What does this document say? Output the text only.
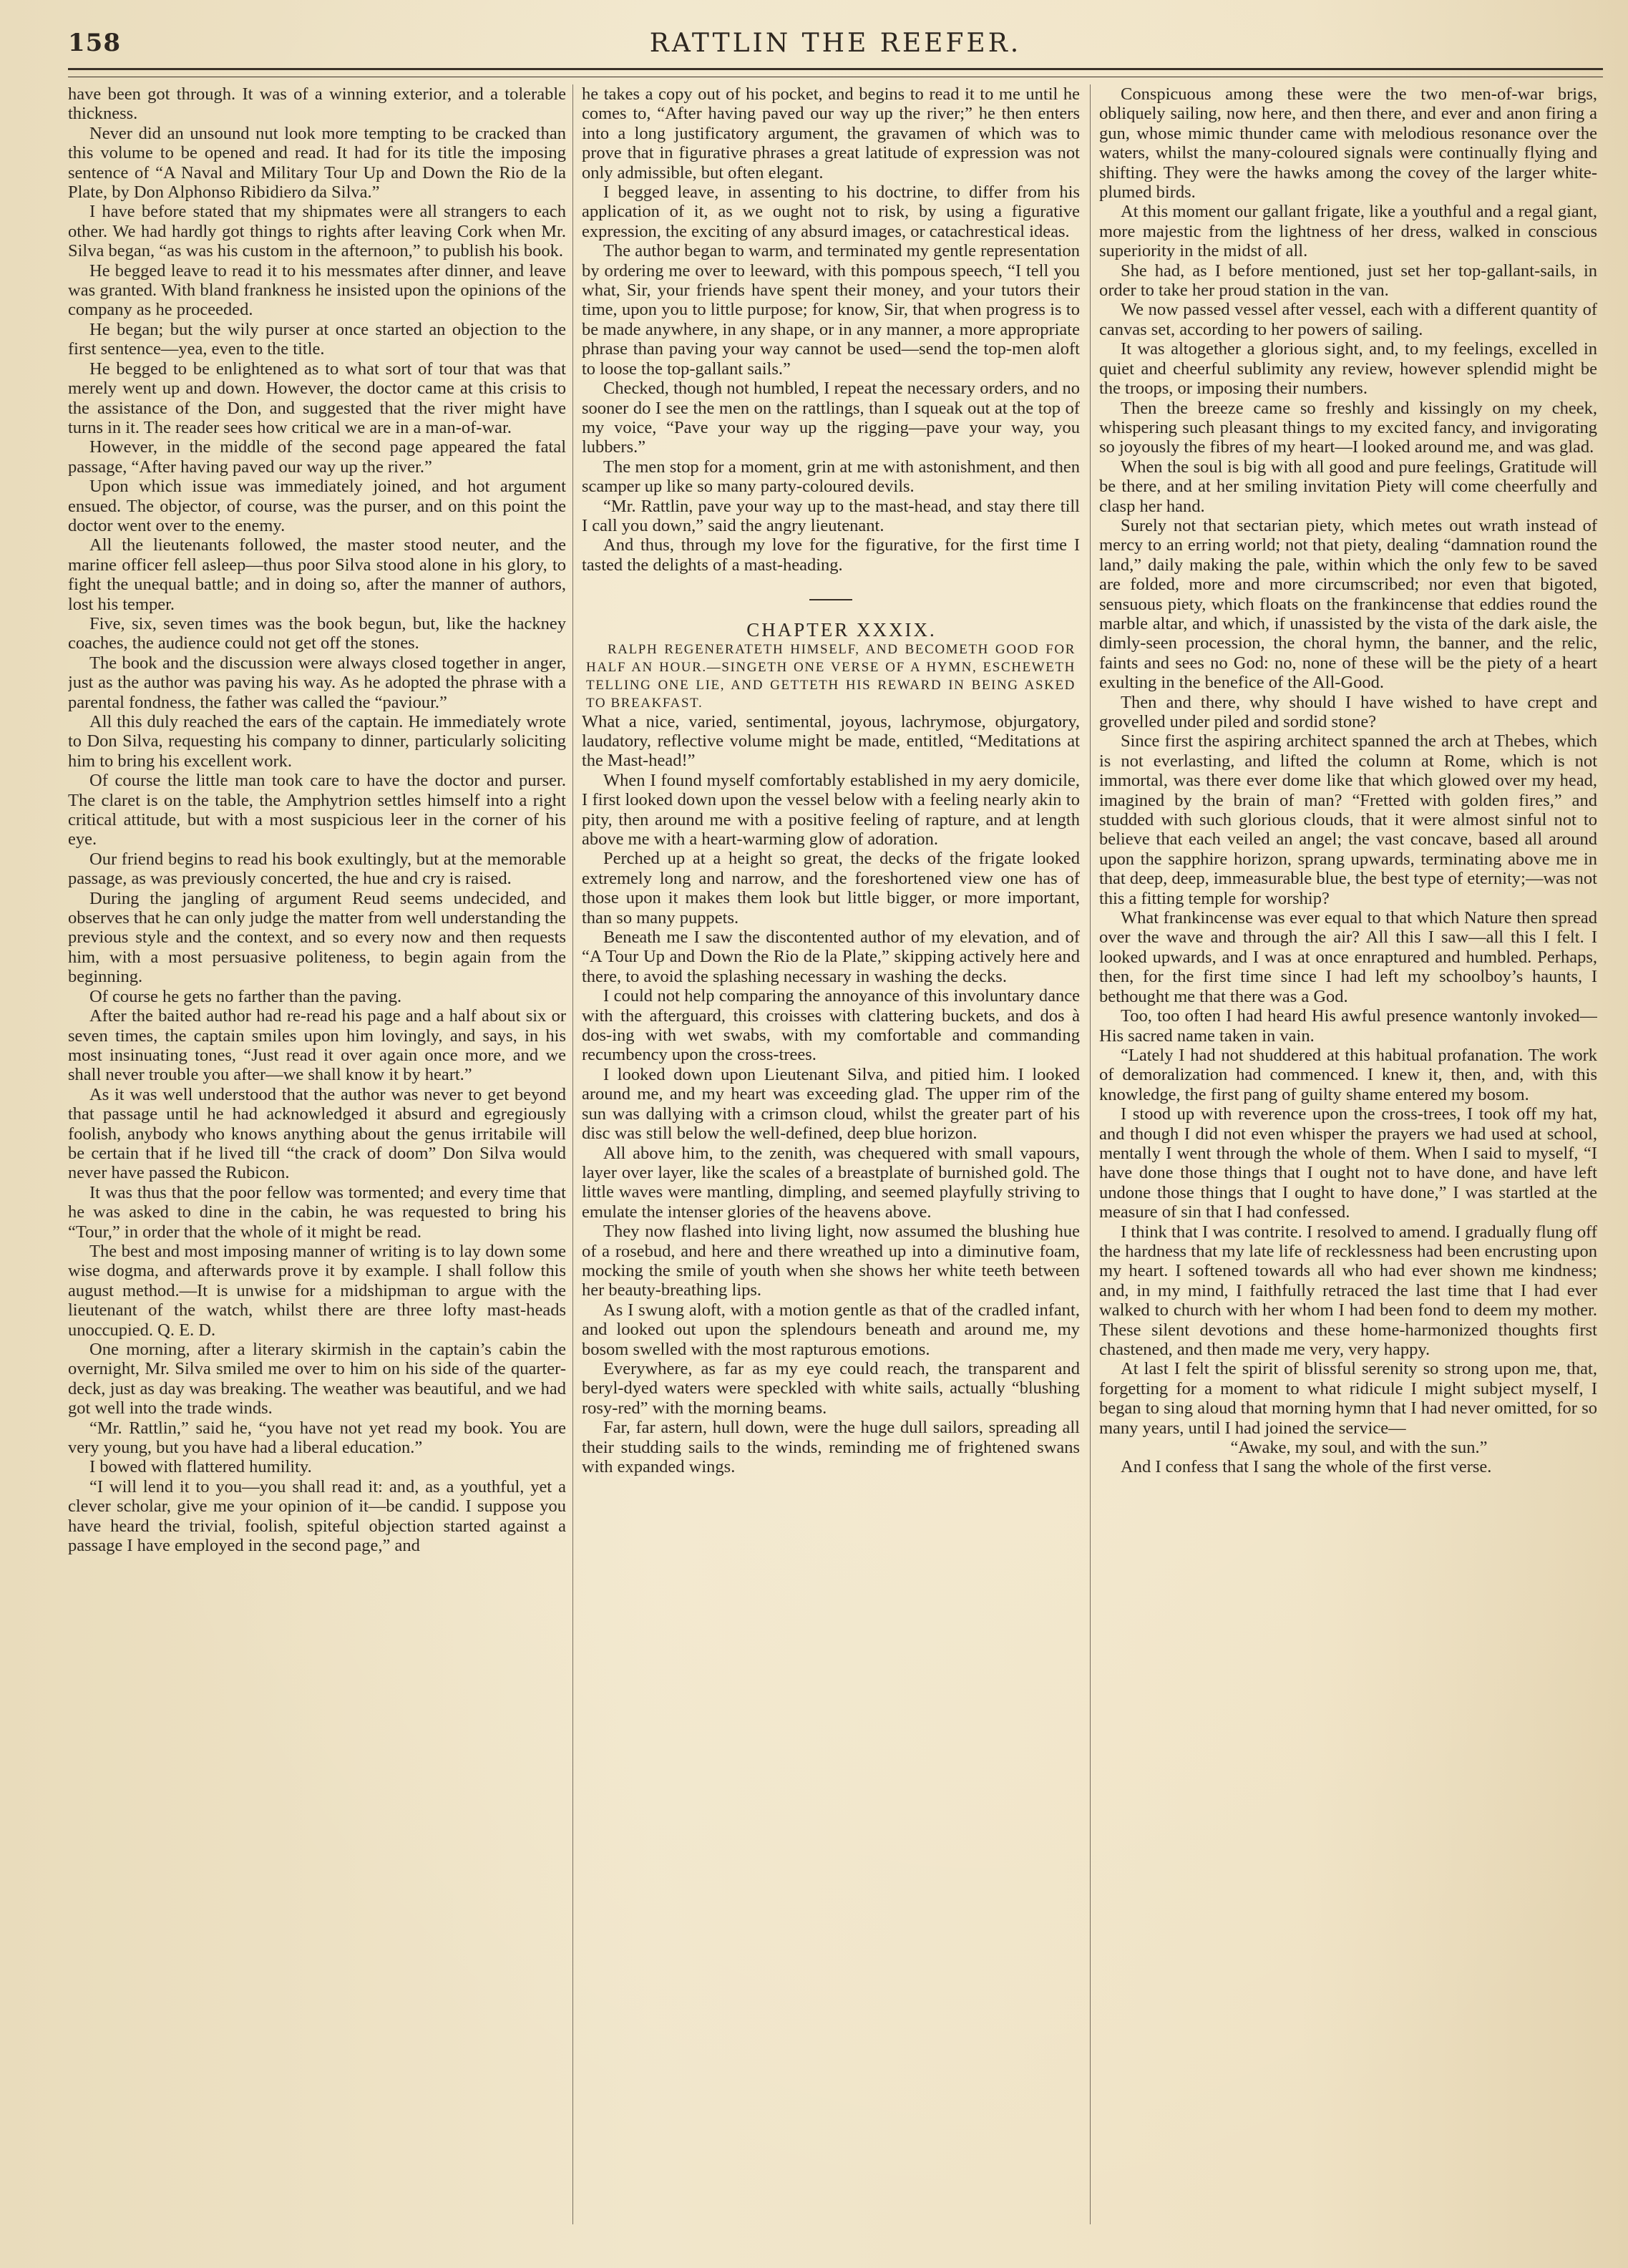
158	RATTLIN THE REEFER.

have been got through. It was of a winning exterior, and a tolerable thickness.

Never did an unsound nut look more tempting to be cracked than this volume to be opened and read. It had for its title the imposing sentence of “A Naval and Military Tour Up and Down the Rio de la Plate, by Don Alphonso Ribidiero da Silva.”

I have before stated that my shipmates were all strangers to each other. We had hardly got things to rights after leaving Cork when Mr. Silva began, “as was his custom in the afternoon,” to publish his book.

He begged leave to read it to his messmates after dinner, and leave was granted. With bland frankness he insisted upon the opinions of the company as he proceeded.

He began; but the wily purser at once started an objection to the first sentence—yea, even to the title.

He begged to be enlightened as to what sort of tour that was that merely went up and down. However, the doctor came at this crisis to the assistance of the Don, and suggested that the river might have turns in it. The reader sees how critical we are in a man-of-war.

However, in the middle of the second page appeared the fatal passage, “After having paved our way up the river.”

Upon which issue was immediately joined, and hot argument ensued. The objector, of course, was the purser, and on this point the doctor went over to the enemy.

All the lieutenants followed, the master stood neuter, and the marine officer fell asleep—thus poor Silva stood alone in his glory, to fight the unequal battle; and in doing so, after the manner of authors, lost his temper.

Five, six, seven times was the book begun, but, like the hackney coaches, the audience could not get off the stones.

The book and the discussion were always closed together in anger, just as the author was paving his way. As he adopted the phrase with a parental fondness, the father was called the “paviour.”

All this duly reached the ears of the captain. He immediately wrote to Don Silva, requesting his company to dinner, particularly soliciting him to bring his excellent work.

Of course the little man took care to have the doctor and purser. The claret is on the table, the Amphytrion settles himself into a right critical attitude, but with a most suspicious leer in the corner of his eye.

Our friend begins to read his book exultingly, but at the memorable passage, as was previously concerted, the hue and cry is raised.

During the jangling of argument Reud seems undecided, and observes that he can only judge the matter from well understanding the previous style and the context, and so every now and then requests him, with a most persuasive politeness, to begin again from the beginning.

Of course he gets no farther than the paving.

After the baited author had re-read his page and a half about six or seven times, the captain smiles upon him lovingly, and says, in his most insinuating tones, “Just read it over again once more, and we shall never trouble you after—we shall know it by heart.”

As it was well understood that the author was never to get beyond that passage until he had acknowledged it absurd and egregiously foolish, anybody who knows anything about the genus irritabile will be certain that if he lived till “the crack of doom” Don Silva would never have passed the Rubicon.

It was thus that the poor fellow was tormented; and every time that he was asked to dine in the cabin, he was requested to bring his “Tour,” in order that the whole of it might be read.

The best and most imposing manner of writing is to lay down some wise dogma, and afterwards prove it by example. I shall follow this august method.—It is unwise for a midshipman to argue with the lieutenant of the watch, whilst there are three lofty mast-heads unoccupied. Q. E. D.

One morning, after a literary skirmish in the captain’s cabin the overnight, Mr. Silva smiled me over to him on his side of the quarter-deck, just as day was breaking. The weather was beautiful, and we had got well into the trade winds.

“Mr. Rattlin,” said he, “you have not yet read my book. You are very young, but you have had a liberal education.”

I bowed with flattered humility.

“I will lend it to you—you shall read it: and, as a youthful, yet a clever scholar, give me your opinion of it—be candid. I suppose you have heard the trivial, foolish, spiteful objection started against a passage I have employed in the second page,” and

he takes a copy out of his pocket, and begins to read it to me until he comes to, “After having paved our way up the river;” he then enters into a long justificatory argument, the gravamen of which was to prove that in figurative phrases a great latitude of expression was not only admissible, but often elegant.

I begged leave, in assenting to his doctrine, to differ from his application of it, as we ought not to risk, by using a figurative expression, the exciting of any absurd images, or catachrestical ideas.

The author began to warm, and terminated my gentle representation by ordering me over to leeward, with this pompous speech, “I tell you what, Sir, your friends have spent their money, and your tutors their time, upon you to little purpose; for know, Sir, that when progress is to be made anywhere, in any shape, or in any manner, a more appropriate phrase than paving your way cannot be used—send the top-men aloft to loose the top-gallant sails.”

Checked, though not humbled, I repeat the necessary orders, and no sooner do I see the men on the rattlings, than I squeak out at the top of my voice, “Pave your way up the rigging—pave your way, you lubbers.”

The men stop for a moment, grin at me with astonishment, and then scamper up like so many party-coloured devils.

“Mr. Rattlin, pave your way up to the mast-head, and stay there till I call you down,” said the angry lieutenant.

And thus, through my love for the figurative, for the first time I tasted the delights of a mast-heading.

CHAPTER XXXIX.

RALPH REGENERATETH HIMSELF, AND BECOMETH GOOD FOR HALF AN HOUR.—SINGETH ONE VERSE OF A HYMN, ESCHEWETH TELLING ONE LIE, AND GETTETH HIS REWARD IN BEING ASKED TO BREAKFAST.

What a nice, varied, sentimental, joyous, lachrymose, objurgatory, laudatory, reflective volume might be made, entitled, “Meditations at the Mast-head!”

When I found myself comfortably established in my aery domicile, I first looked down upon the vessel below with a feeling nearly akin to pity, then around me with a positive feeling of rapture, and at length above me with a heart-warming glow of adoration.

Perched up at a height so great, the decks of the frigate looked extremely long and narrow, and the foreshortened view one has of those upon it makes them look but little bigger, or more important, than so many puppets.

Beneath me I saw the discontented author of my elevation, and of “A Tour Up and Down the Rio de la Plate,” skipping actively here and there, to avoid the splashing necessary in washing the decks.

I could not help comparing the annoyance of this involuntary dance with the afterguard, this croisses with clattering buckets, and dos à dos-ing with wet swabs, with my comfortable and commanding recumbency upon the cross-trees.

I looked down upon Lieutenant Silva, and pitied him. I looked around me, and my heart was exceeding glad. The upper rim of the sun was dallying with a crimson cloud, whilst the greater part of his disc was still below the well-defined, deep blue horizon.

All above him, to the zenith, was chequered with small vapours, layer over layer, like the scales of a breastplate of burnished gold. The little waves were mantling, dimpling, and seemed playfully striving to emulate the intenser glories of the heavens above.

They now flashed into living light, now assumed the blushing hue of a rosebud, and here and there wreathed up into a diminutive foam, mocking the smile of youth when she shows her white teeth between her beauty-breathing lips.

As I swung aloft, with a motion gentle as that of the cradled infant, and looked out upon the splendours beneath and around me, my bosom swelled with the most rapturous emotions.

Everywhere, as far as my eye could reach, the transparent and beryl-dyed waters were speckled with white sails, actually “blushing rosy-red” with the morning beams.

Far, far astern, hull down, were the huge dull sailors, spreading all their studding sails to the winds, reminding me of frightened swans with expanded wings.

Conspicuous among these were the two men-of-war brigs, obliquely sailing, now here, and then there, and ever and anon firing a gun, whose mimic thunder came with melodious resonance over the waters, whilst the many-coloured signals were continually flying and shifting. They were the hawks among the covey of the larger white-plumed birds.

At this moment our gallant frigate, like a youthful and a regal giant, more majestic from the lightness of her dress, walked in conscious superiority in the midst of all.

She had, as I before mentioned, just set her top-gallant-sails, in order to take her proud station in the van.

We now passed vessel after vessel, each with a different quantity of canvas set, according to her powers of sailing.

It was altogether a glorious sight, and, to my feelings, excelled in quiet and cheerful sublimity any review, however splendid might be the troops, or imposing their numbers.

Then the breeze came so freshly and kissingly on my cheek, whispering such pleasant things to my excited fancy, and invigorating so joyously the fibres of my heart—I looked around me, and was glad.

When the soul is big with all good and pure feelings, Gratitude will be there, and at her smiling invitation Piety will come cheerfully and clasp her hand.

Surely not that sectarian piety, which metes out wrath instead of mercy to an erring world; not that piety, dealing “damnation round the land,” daily making the pale, within which the only few to be saved are folded, more and more circumscribed; nor even that bigoted, sensuous piety, which floats on the frankincense that eddies round the marble altar, and which, if unassisted by the vista of the dark aisle, the dimly-seen procession, the choral hymn, the banner, and the relic, faints and sees no God: no, none of these will be the piety of a heart exulting in the benefice of the All-Good.

Then and there, why should I have wished to have crept and grovelled under piled and sordid stone?

Since first the aspiring architect spanned the arch at Thebes, which is not everlasting, and lifted the column at Rome, which is not immortal, was there ever dome like that which glowed over my head, imagined by the brain of man? “Fretted with golden fires,” and studded with such glorious clouds, that it were almost sinful not to believe that each veiled an angel; the vast concave, based all around upon the sapphire horizon, sprang upwards, terminating above me in that deep, deep, immeasurable blue, the best type of eternity;—was not this a fitting temple for worship?

What frankincense was ever equal to that which Nature then spread over the wave and through the air? All this I saw—all this I felt. I looked upwards, and I was at once enraptured and humbled. Perhaps, then, for the first time since I had left my schoolboy’s haunts, I bethought me that there was a God.

Too, too often I had heard His awful presence wantonly invoked—His sacred name taken in vain.

“Lately I had not shuddered at this habitual profanation. The work of demoralization had commenced. I knew it, then, and, with this knowledge, the first pang of guilty shame entered my bosom.

I stood up with reverence upon the cross-trees, I took off my hat, and though I did not even whisper the prayers we had used at school, mentally I went through the whole of them. When I said to myself, “I have done those things that I ought not to have done, and have left undone those things that I ought to have done,” I was startled at the measure of sin that I had confessed.

I think that I was contrite. I resolved to amend. I gradually flung off the hardness that my late life of recklessness had been encrusting upon my heart. I softened towards all who had ever shown me kindness; and, in my mind, I faithfully retraced the last time that I had ever walked to church with her whom I had been fond to deem my mother. These silent devotions and these home-harmonized thoughts first chastened, and then made me very, very happy.

At last I felt the spirit of blissful serenity so strong upon me, that, forgetting for a moment to what ridicule I might subject myself, I began to sing aloud that morning hymn that I had never omitted, for so many years, until I had joined the service—

“Awake, my soul, and with the sun.”

And I confess that I sang the whole of the first verse.
